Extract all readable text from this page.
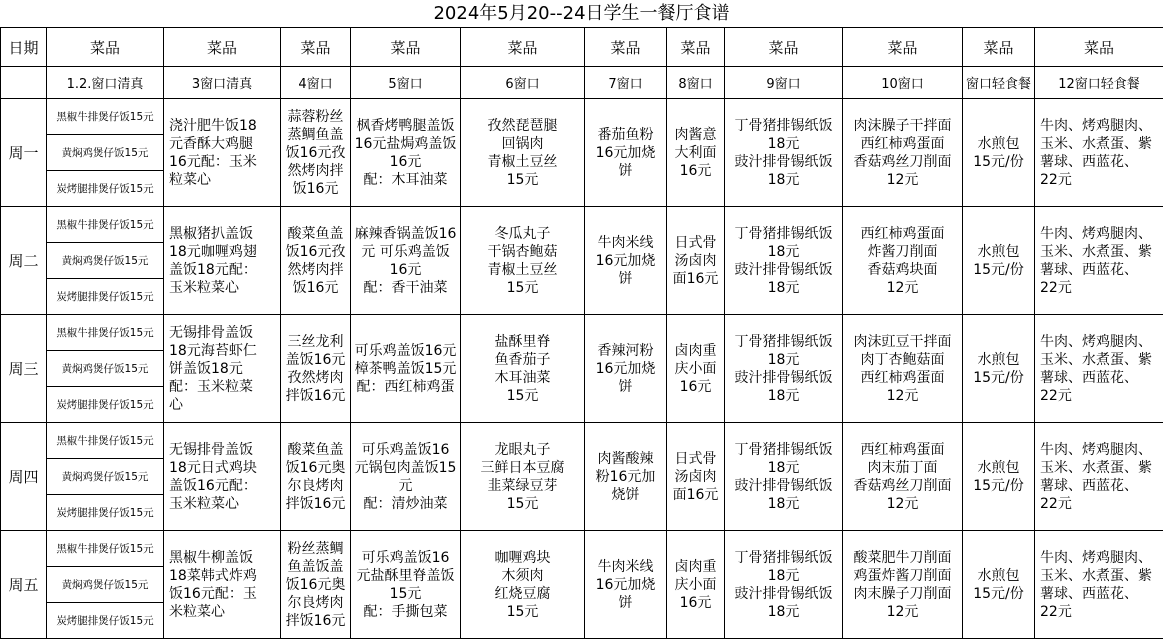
2024年5月20--24日学生一餐厅食谱
日期	菜品	菜品	菜品	菜品	菜品	菜品	菜品	菜品	菜品	菜品	菜品
	1.2.窗口清真	3窗口清真	4窗口	5窗口	6窗口	7窗口	8窗口	9窗口	10窗口	窗口轻食餐	12窗口轻食餐
周一	黑椒牛排煲仔饭15元	浇汁肥牛饭18
元香酥大鸡腿
16元配：玉米
粒菜心	蒜蓉粉丝
蒸鲷鱼盖
饭16元孜
然烤肉拌
饭16元	枫香烤鸭腿盖饭
16元盐焗鸡盖饭
16元
配：木耳油菜	孜然琵琶腿
回锅肉
青椒土豆丝
15元	番茄鱼粉
16元加烧
饼	肉酱意
大利面
16元	丁骨猪排锡纸饭
18元
豉汁排骨锡纸饭
18元	肉沫臊子干拌面
西红柿鸡蛋面
香菇鸡丝刀削面
12元	水煎包
15元/份	牛肉、烤鸡腿肉、
玉米、水煮蛋、紫
薯球、西蓝花、
22元
	黄焖鸡煲仔饭15元										
	炭烤腿排煲仔饭15元										
周二	黑椒牛排煲仔饭15元	黑椒猪扒盖饭
18元咖喱鸡翅
盖饭18元配：
玉米粒菜心	酸菜鱼盖
饭16元孜
然烤肉拌
饭16元	麻辣香锅盖饭16
元 可乐鸡盖饭
16元
配：香干油菜	冬瓜丸子
干锅杏鲍菇
青椒土豆丝
15元	牛肉米线
16元加烧
饼	日式骨
汤卤肉
面16元	丁骨猪排锡纸饭
18元
豉汁排骨锡纸饭
18元	西红柿鸡蛋面
炸酱刀削面
香菇鸡块面
12元	水煎包
15元/份	牛肉、烤鸡腿肉、
玉米、水煮蛋、紫
薯球、西蓝花、
22元
	黄焖鸡煲仔饭15元										
	炭烤腿排煲仔饭15元										
周三	黑椒牛排煲仔饭15元	无锡排骨盖饭
18元海苔虾仁
饼盖饭18元
配：玉米粒菜
心	三丝龙利
盖饭16元
孜然烤肉
拌饭16元	可乐鸡盖饭16元
樟茶鸭盖饭15元
配：西红柿鸡蛋	盐酥里脊
鱼香茄子
木耳油菜
15元	香辣河粉
16元加烧
饼	卤肉重
庆小面
16元	丁骨猪排锡纸饭
18元
豉汁排骨锡纸饭
18元	肉沫豇豆干拌面
肉丁杏鲍菇面
西红柿鸡蛋面
12元	水煎包
15元/份	牛肉、烤鸡腿肉、
玉米、水煮蛋、紫
薯球、西蓝花、
22元
	黄焖鸡煲仔饭15元										
	炭烤腿排煲仔饭15元										
周四	黑椒牛排煲仔饭15元	无锡排骨盖饭
18元日式鸡块
盖饭16元配：
玉米粒菜心	酸菜鱼盖
饭16元奥
尔良烤肉
拌饭16元	可乐鸡盖饭16
元锅包肉盖饭15
元
配：清炒油菜	龙眼丸子
三鲜日本豆腐
韭菜绿豆芽
15元	肉酱酸辣
粉16元加
烧饼	日式骨
汤卤肉
面16元	丁骨猪排锡纸饭
18元
豉汁排骨锡纸饭
18元	西红柿鸡蛋面
肉末茄丁面
香菇鸡丝刀削面
12元	水煎包
15元/份	牛肉、烤鸡腿肉、
玉米、水煮蛋、紫
薯球、西蓝花、
22元
	黄焖鸡煲仔饭15元										
	炭烤腿排煲仔饭15元										
周五	黑椒牛排煲仔饭15元	黑椒牛柳盖饭
18菜韩式炸鸡
饭16元配：玉
米粒菜心	粉丝蒸鲷
鱼盖饭盖
饭16元奥
尔良烤肉
拌饭16元	可乐鸡盖饭16
元盐酥里脊盖饭
15元
配：手撕包菜	咖喱鸡块
木须肉
红烧豆腐
15元	牛肉米线
16元加烧
饼	卤肉重
庆小面
16元	丁骨猪排锡纸饭
18元
豉汁排骨锡纸饭
18元	酸菜肥牛刀削面
鸡蛋炸酱刀削面
肉末臊子刀削面
12元	水煎包
15元/份	牛肉、烤鸡腿肉、
玉米、水煮蛋、紫
薯球、西蓝花、
22元
	黄焖鸡煲仔饭15元										
	炭烤腿排煲仔饭15元										
